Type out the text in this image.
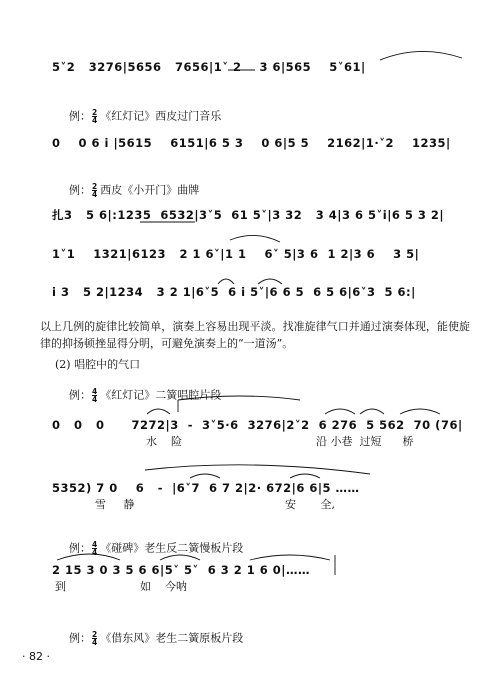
5˅2   3276|5656   7656|1˅ 2    3 6|565    5˅61|
0    0 6 i |5615    6151|6 5 3    0 6|5 5    2162|1·˅2    1235|
扎3   5 6|:1235  6532|3˅5  61 5˅|3 32   3 4|3 6 5˅i|6 5 3 2|
1˅1    1321|6123   2 1 6˅|1 1    6˅ 5|3 6  1 2|3 6    3 5|
i 3   5 2|1234   3 2 1|6˅5  6 i 5˅|6 6 5  6 5 6|6˅3  5 6:|
0   0   0      7272|3  -  3˅5·6  3276|2˅2  6 276  5 562  70 (76|
5352) 7 0    6   -  |6˅7  6 7 2|2· 672|6 6|5 ……
2 15 3 0 3 5 6 6|5˅ 5˅  6 3 2 1 6 0|……
水    险	沿 小巷  过短      桥
雪     静	安       全,
到	如    今呐

例： $\frac{2}{4}$ 《红灯记》西皮过门音乐

例： $\frac{2}{4}$ 西皮《小开门》曲牌

例： $\frac{4}{4}$ 《红灯记》二簧唱腔片段

例： $\frac{4}{4}$ 《碰碑》老生反二簧慢板片段

例： $\frac{2}{4}$ 《借东风》老生二簧原板片段

以上几例的旋律比较简单，演奏上容易出现平淡。找准旋律气口并通过演奏体现，能使旋律的抑扬顿挫显得分明，可避免演奏上的“一道汤”。
(2) 唱腔中的气口
· 82 ·
